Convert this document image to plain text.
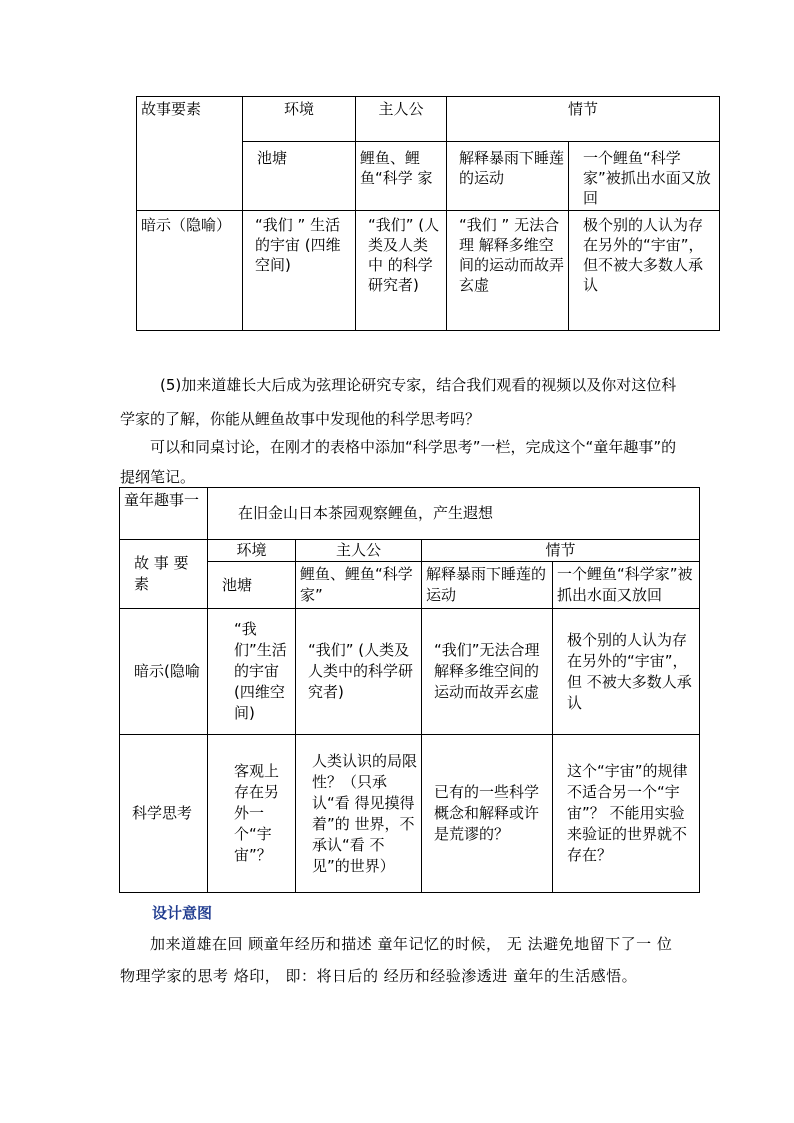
故事要素	环境	主人公	情节	
	池塘	鲤鱼、鲤鱼“科学 家	解释暴雨下睡莲 的运动	一个鲤鱼“科学家”被抓出水面又放回
暗示（隐喻）	“我们 ” 生活的宇宙 (四维空间)	“我们” (人类及人类中 的科学研究者)	“我们 ” 无法合理 解释多维空间的运动而故弄玄虚	极个别的人认为存在另外的“宇宙”，但不被大多数人承认

(5)加来道雄长大后成为弦理论研究专家，结合我们观看的视频以及你对这位科学家的了解，你能从鲤鱼故事中发现他的科学思考吗？

可以和同桌讨论，在刚才的表格中添加“科学思考”一栏，完成这个“童年趣事”的提纲笔记。

童年趣事一	在旧金山日本茶园观察鲤鱼，产生遐想			
故 事 要素	环境	主人公	情节	
	池塘	鲤鱼、鲤鱼“科学 家”	解释暴雨下睡莲的运动	一个鲤鱼“科学家”被抓出水面又放回
暗示(隐喻	“我们”生活 的宇宙 (四维空间)	“我们” (人类及人类中的科学研究者)	“我们”无法合理解释多维空间的运动而故弄玄虚	极个别的人认为存在另外的“宇宙”，但 不被大多数人承认
科学思考	客观上存在另外一个“宇宙”？	人类认识的局限 性？（只承认“看 得见摸得着”的 世界，不承认“看 不见”的世界）	已有的一些科学概念和解释或许是荒谬的？	这个“宇宙”的规律不适合另一个“宇宙”？ 不能用实验来验证的世界就不存在？
设计意图

加来道雄在回 顾童年经历和描述 童年记忆的时候， 无 法避免地留下了一 位物理学家的思考 烙印， 即：将日后的 经历和经验渗透进 童年的生活感悟。
